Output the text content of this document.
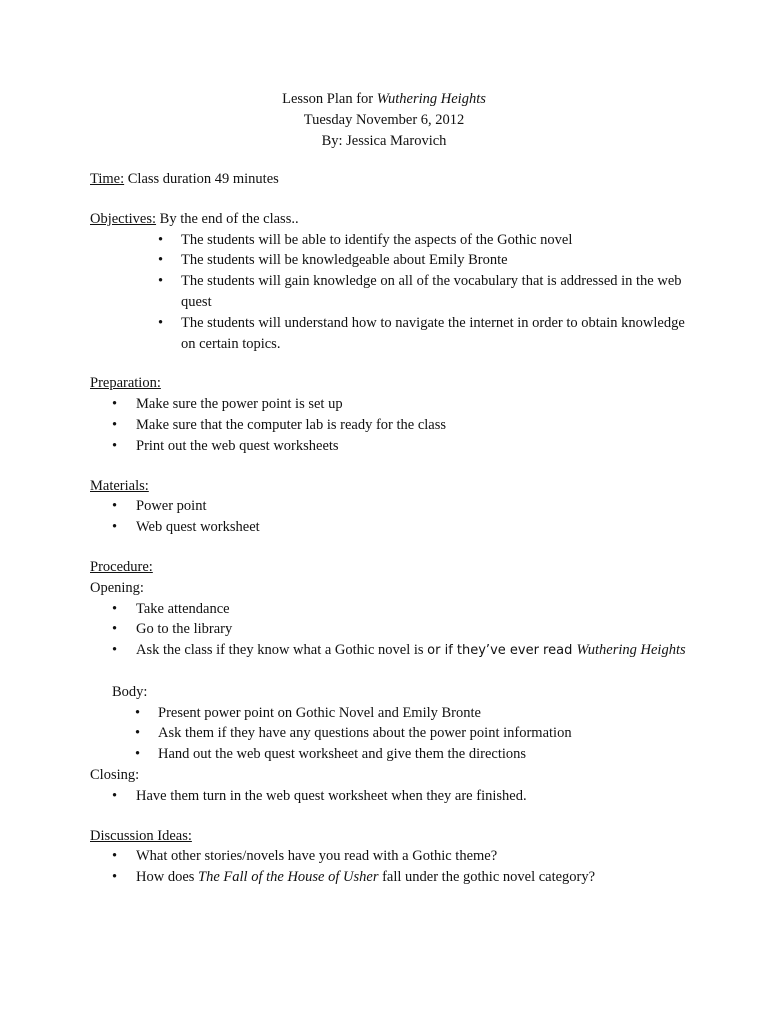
Lesson Plan for Wuthering Heights
Tuesday November 6, 2012
By: Jessica Marovich
Time: Class duration 49 minutes
Objectives: By the end of the class..
• The students will be able to identify the aspects of the Gothic novel
• The students will be knowledgeable about Emily Bronte
• The students will gain knowledge on all of the vocabulary that is addressed in the web quest
• The students will understand how to navigate the internet in order to obtain knowledge on certain topics.
Preparation:
• Make sure the power point is set up
• Make sure that the computer lab is ready for the class
• Print out the web quest worksheets
Materials:
• Power point
• Web quest worksheet
Procedure:
Opening:
• Take attendance
• Go to the library
• Ask the class if they know what a Gothic novel is or if they’ve ever read Wuthering Heights
Body:
• Present power point on Gothic Novel and Emily Bronte
• Ask them if they have any questions about the power point information
• Hand out the web quest worksheet and give them the directions
Closing:
• Have them turn in the web quest worksheet when they are finished.
Discussion Ideas:
• What other stories/novels have you read with a Gothic theme?
• How does The Fall of the House of Usher fall under the gothic novel category?
